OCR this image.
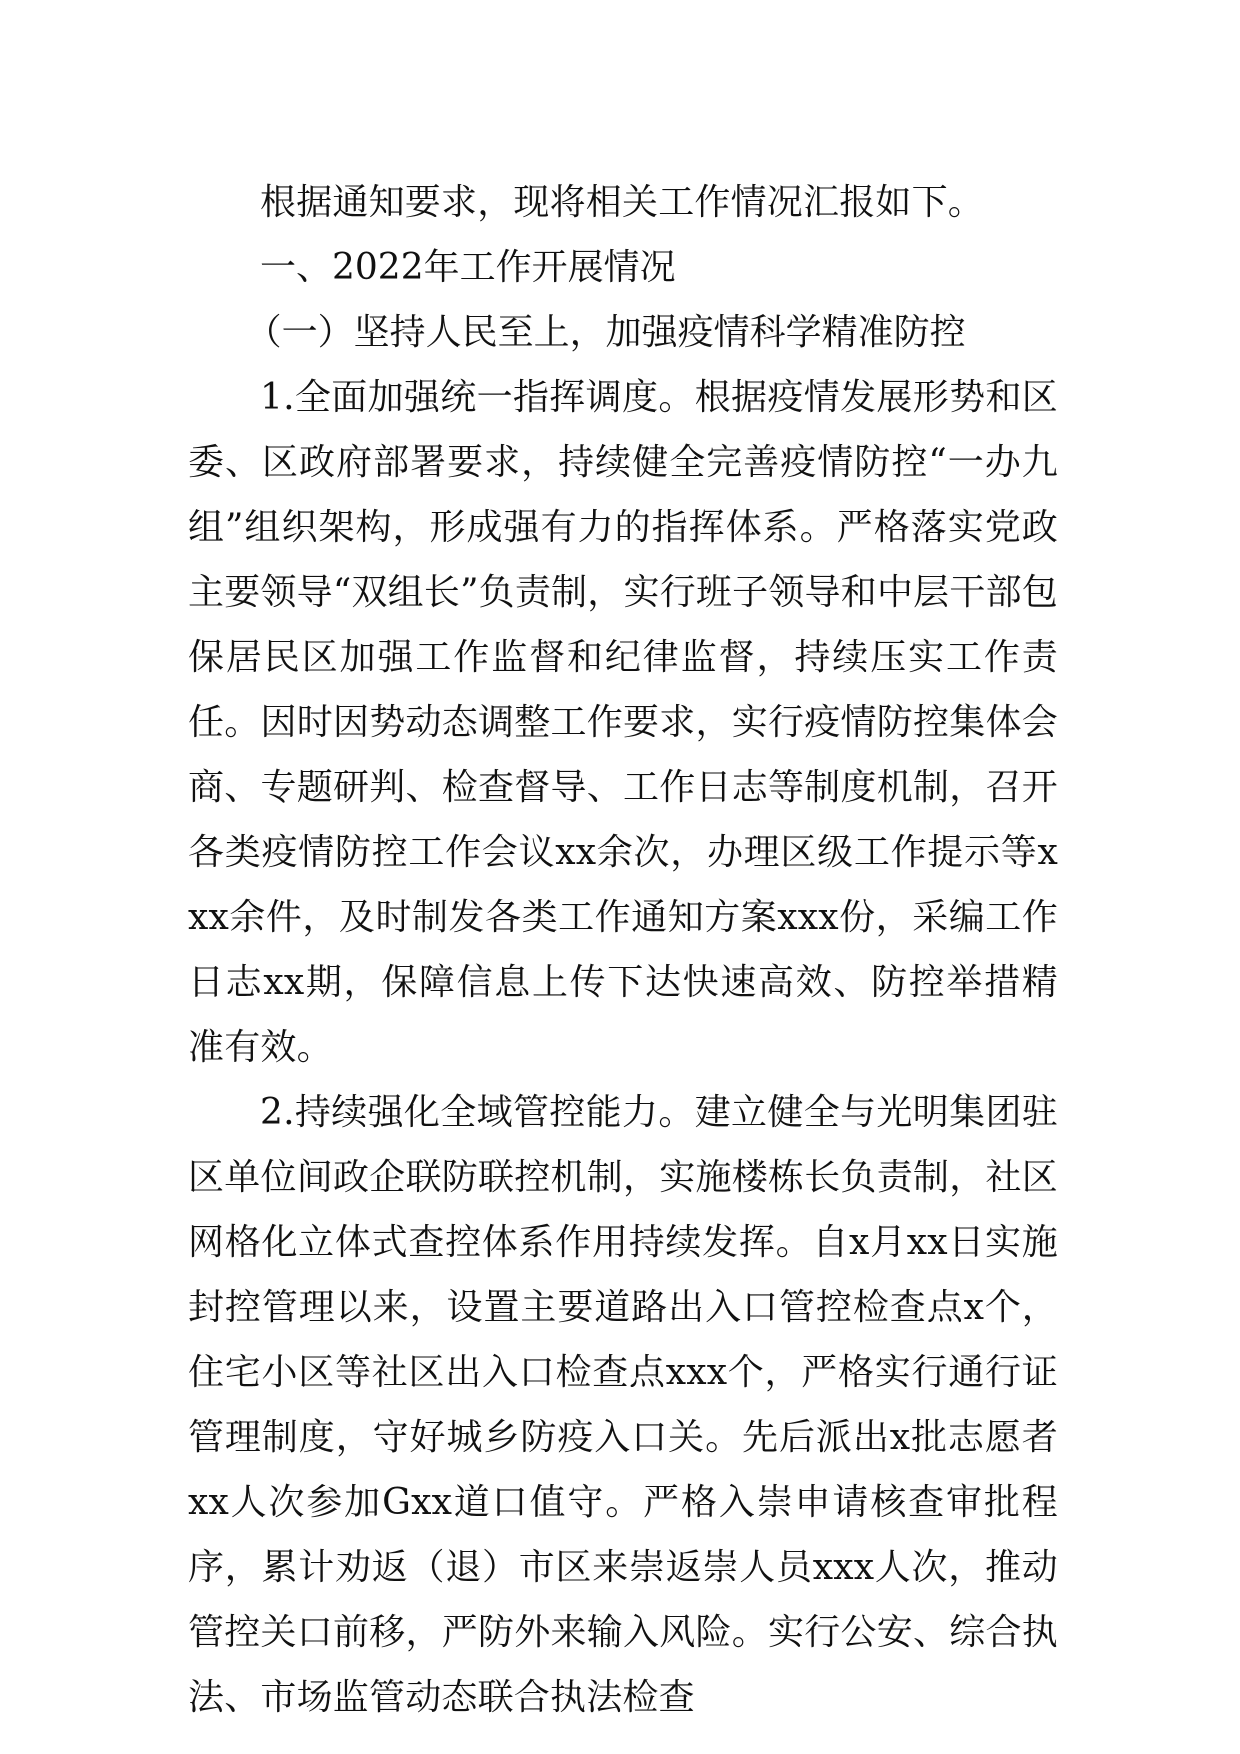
根据通知要求，现将相关工作情况汇报如下。

一、2022年工作开展情况

（一）坚持人民至上，加强疫情科学精准防控

1.全面加强统一指挥调度。根据疫情发展形势和区委、区政府部署要求，持续健全完善疫情防控“一办九组”组织架构，形成强有力的指挥体系。严格落实党政主要领导“双组长”负责制，实行班子领导和中层干部包保居民区加强工作监督和纪律监督，持续压实工作责任。因时因势动态调整工作要求，实行疫情防控集体会商、专题研判、检查督导、工作日志等制度机制，召开各类疫情防控工作会议xx余次，办理区级工作提示等xxx余件，及时制发各类工作通知方案xxx份，采编工作日志xx期，保障信息上传下达快速高效、防控举措精准有效。

2.持续强化全域管控能力。建立健全与光明集团驻区单位间政企联防联控机制，实施楼栋长负责制，社区网格化立体式查控体系作用持续发挥。自x月xx日实施封控管理以来，设置主要道路出入口管控检查点x个，住宅小区等社区出入口检查点xxx个，严格实行通行证管理制度，守好城乡防疫入口关。先后派出x批志愿者xx人次参加Gxx道口值守。严格入崇申请核查审批程序，累计劝返（退）市区来崇返崇人员xxx人次，推动管控关口前移，严防外来输入风险。实行公安、综合执法、市场监管动态联合执法检查
